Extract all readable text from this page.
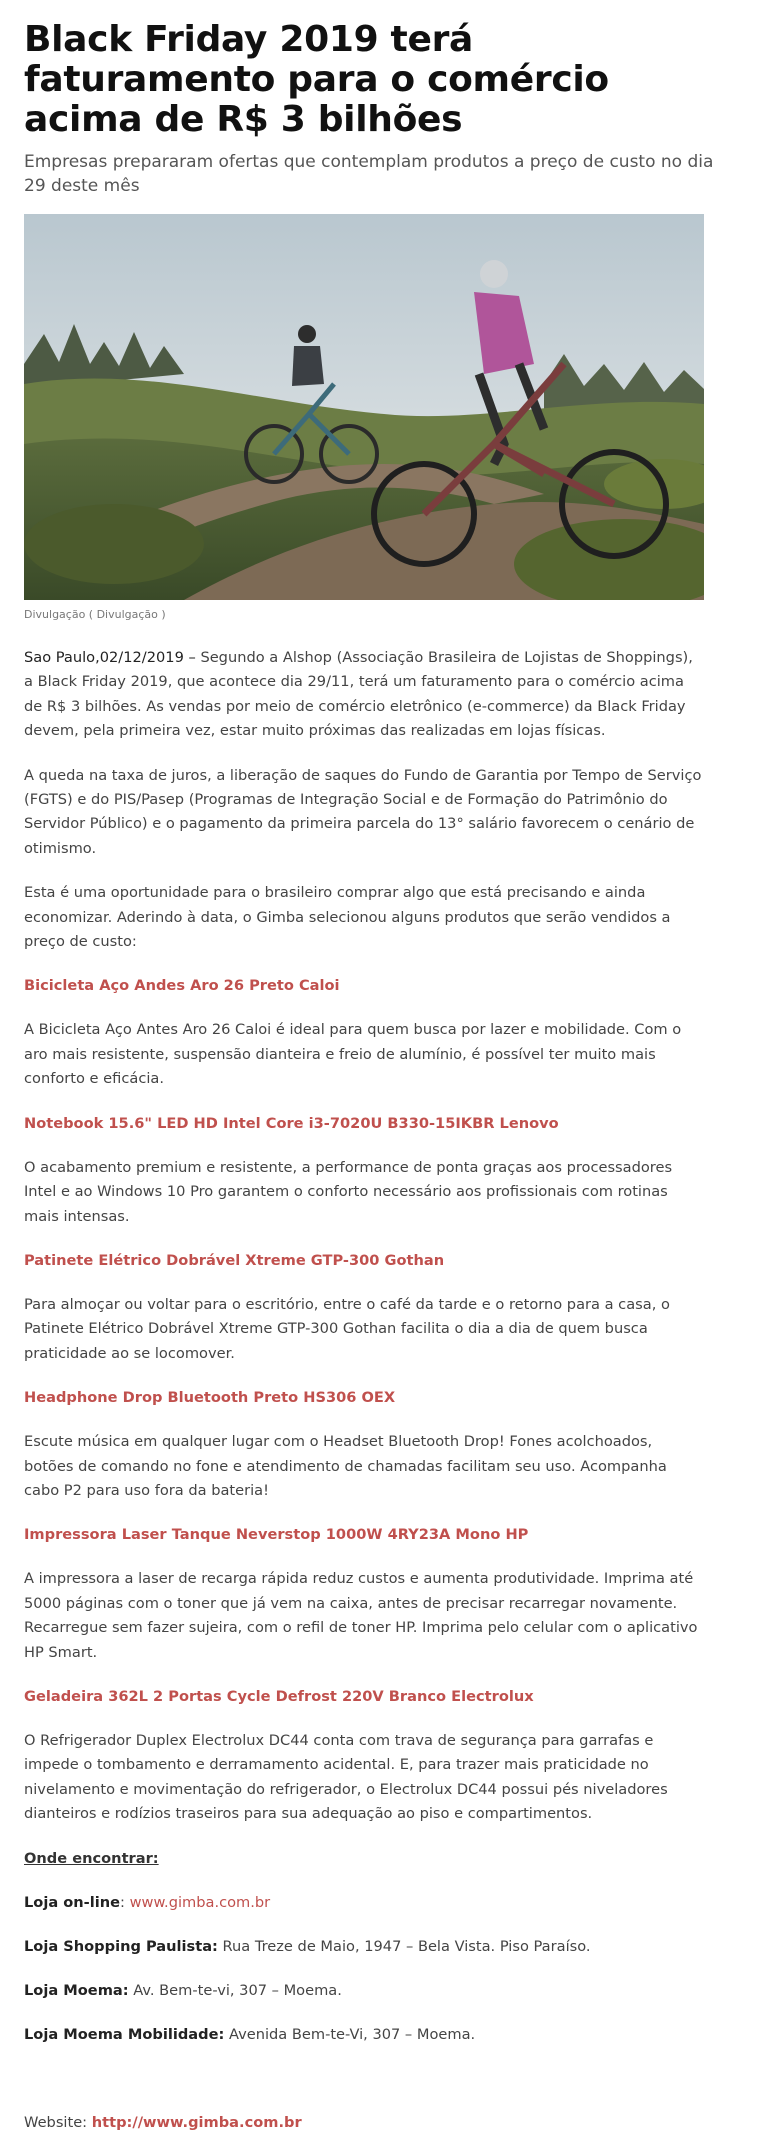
Black Friday 2019 terá faturamento para o comércio acima de R$ 3 bilhões
Empresas prepararam ofertas que contemplam produtos a preço de custo no dia 29 deste mês
Divulgação ( Divulgação )

Sao Paulo,02/12/2019 – Segundo a Alshop (Associação Brasileira de Lojistas de Shoppings), a Black Friday 2019, que acontece dia 29/11, terá um faturamento para o comércio acima de R$ 3 bilhões. As vendas por meio de comércio eletrônico (e-commerce) da Black Friday devem, pela primeira vez, estar muito próximas das realizadas em lojas físicas.

A queda na taxa de juros, a liberação de saques do Fundo de Garantia por Tempo de Serviço (FGTS) e do PIS/Pasep (Programas de Integração Social e de Formação do Patrimônio do Servidor Público) e o pagamento da primeira parcela do 13° salário favorecem o cenário de otimismo.

Esta é uma oportunidade para o brasileiro comprar algo que está precisando e ainda economizar. Aderindo à data, o Gimba selecionou alguns produtos que serão vendidos a preço de custo:

Bicicleta Aço Andes Aro 26 Preto Caloi

A Bicicleta Aço Antes Aro 26 Caloi é ideal para quem busca por lazer e mobilidade. Com o aro mais resistente, suspensão dianteira e freio de alumínio, é possível ter muito mais conforto e eficácia.

Notebook 15.6" LED HD Intel Core i3-7020U B330-15IKBR Lenovo

O acabamento premium e resistente, a performance de ponta graças aos processadores Intel e ao Windows 10 Pro garantem o conforto necessário aos profissionais com rotinas mais intensas.

Patinete Elétrico Dobrável Xtreme GTP-300 Gothan

Para almoçar ou voltar para o escritório, entre o café da tarde e o retorno para a casa, o Patinete Elétrico Dobrável Xtreme GTP-300 Gothan facilita o dia a dia de quem busca praticidade ao se locomover.

Headphone Drop Bluetooth Preto HS306 OEX

Escute música em qualquer lugar com o Headset Bluetooth Drop! Fones acolchoados, botões de comando no fone e atendimento de chamadas facilitam seu uso. Acompanha cabo P2 para uso fora da bateria!

Impressora Laser Tanque Neverstop 1000W 4RY23A Mono HP

A impressora a laser de recarga rápida reduz custos e aumenta produtividade. Imprima até 5000 páginas com o toner que já vem na caixa, antes de precisar recarregar novamente. Recarregue sem fazer sujeira, com o refil de toner HP. Imprima pelo celular com o aplicativo HP Smart.

Geladeira 362L 2 Portas Cycle Defrost 220V Branco Electrolux

O Refrigerador Duplex Electrolux DC44 conta com trava de segurança para garrafas e impede o tombamento e derramamento acidental. E, para trazer mais praticidade no nivelamento e movimentação do refrigerador, o Electrolux DC44 possui pés niveladores dianteiros e rodízios traseiros para sua adequação ao piso e compartimentos.

Onde encontrar:
Loja on-line: www.gimba.com.br
Loja Shopping Paulista: Rua Treze de Maio, 1947 – Bela Vista. Piso Paraíso.
Loja Moema: Av. Bem-te-vi, 307 – Moema.
Loja Moema Mobilidade: Avenida Bem-te-Vi, 307 – Moema.
Website: http://www.gimba.com.br
